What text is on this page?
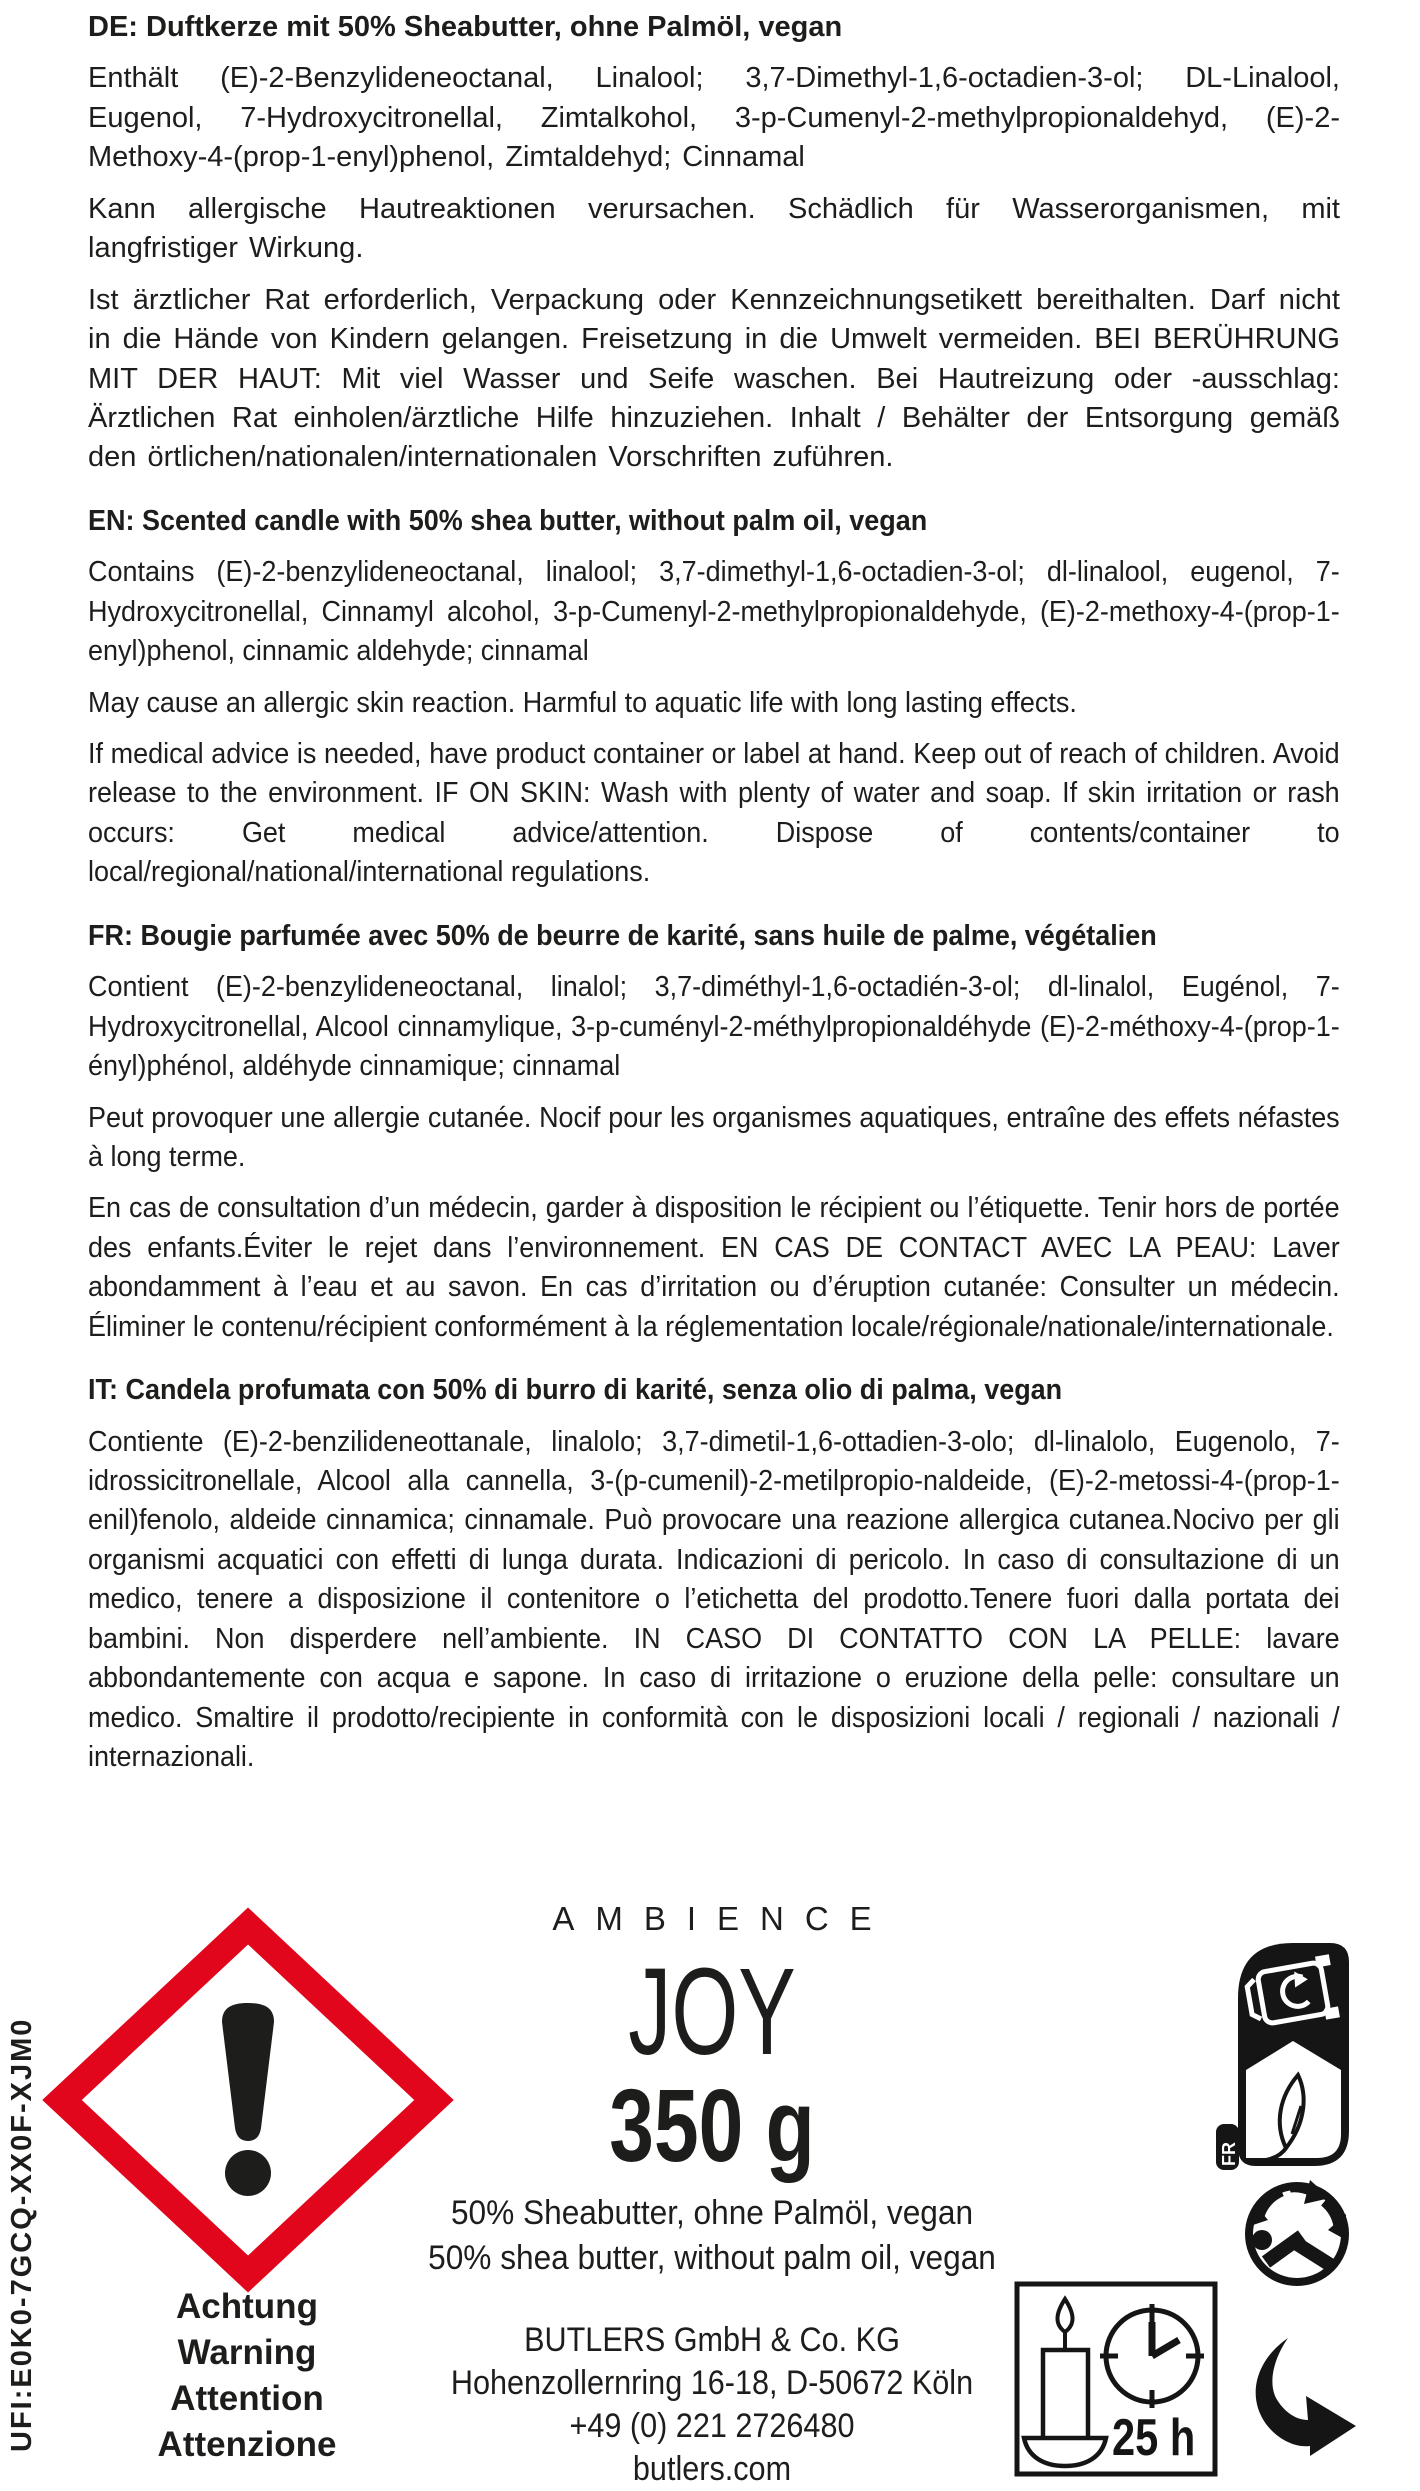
DE: Duftkerze mit 50% Sheabutter, ohne Palmöl, vegan

Enthält (E)-2-Benzylideneoctanal, Linalool; 3,7-Dimethyl-1,6-octadien-3-ol; DL-Linalool, Eugenol, 7-Hydroxycitronellal, Zimtalkohol, 3-p-Cumenyl-2-methylpropionaldehyd, (E)-2-Methoxy-4-(prop-1-enyl)phenol, Zimtaldehyd; Cinnamal

Kann allergische Hautreaktionen verursachen. Schädlich für Wasserorganismen, mit langfristiger Wirkung.

Ist ärztlicher Rat erforderlich, Verpackung oder Kennzeichnungsetikett bereithalten. Darf nicht in die Hände von Kindern gelangen. Freisetzung in die Umwelt vermeiden. BEI BERÜHRUNG MIT DER HAUT: Mit viel Wasser und Seife waschen. Bei Hautreizung oder -ausschlag: Ärztlichen Rat einholen/ärztliche Hilfe hinzuziehen. Inhalt / Behälter der Entsorgung gemäß den örtlichen/nationalen/internationalen Vorschriften zuführen.

EN: Scented candle with 50% shea butter, without palm oil, vegan

Contains (E)-2-benzylideneoctanal, linalool; 3,7-dimethyl-1,6-octadien-3-ol; dl-linalool, eugenol, 7-Hydroxycitronellal, Cinnamyl alcohol, 3-p-Cumenyl-2-methylpropionaldehyde, (E)-2-methoxy-4-(prop-1-enyl)phenol, cinnamic aldehyde; cinnamal

May cause an allergic skin reaction. Harmful to aquatic life with long lasting effects.

If medical advice is needed, have product container or label at hand. Keep out of reach of children. Avoid release to the environment. IF ON SKIN: Wash with plenty of water and soap. If skin irritation or rash occurs: Get medical advice/attention. Dispose of contents/container to local/regional/national/international regulations.

FR: Bougie parfumée avec 50% de beurre de karité, sans huile de palme, végétalien

Contient (E)-2-benzylideneoctanal, linalol; 3,7-diméthyl-1,6-octadién-3-ol; dl-linalol, Eugénol, 7-Hydroxycitronellal, Alcool cinnamylique, 3-p-cuményl-2-méthylpropionaldéhyde (E)-2-méthoxy-4-(prop-1-ényl)phénol, aldéhyde cinnamique; cinnamal

Peut provoquer une allergie cutanée. Nocif pour les organismes aquatiques, entraîne des effets néfastes à long terme.

En cas de consultation d’un médecin, garder à disposition le récipient ou l’étiquette. Tenir hors de portée des enfants.Éviter le rejet dans l’environnement. EN CAS DE CONTACT AVEC LA PEAU: Laver abondamment à l’eau et au savon. En cas d’irritation ou d’éruption cutanée: Consulter un médecin. Éliminer le contenu/récipient conformément à la réglementation locale/régionale/nationale/internationale.

IT: Candela profumata con 50% di burro di karité, senza olio di palma, vegan

Contiente (E)-2-benzilideneottanale, linalolo; 3,7-dimetil-1,6-ottadien-3-olo; dl-linalolo, Eugenolo, 7-idrossicitronellale, Alcool alla cannella, 3-(p-cumenil)-2-metilpropio-naldeide, (E)-2-metossi-4-(prop-1-enil)fenolo, aldeide cinnamica; cinnamale. Può provocare una reazione allergica cutanea.Nocivo per gli organismi acquatici con effetti di lunga durata. Indicazioni di pericolo. In caso di consultazione di un medico, tenere a disposizione il contenitore o l’etichetta del prodotto.Tenere fuori dalla portata dei bambini. Non disperdere nell’ambiente. IN CASO DI CONTATTO CON LA PELLE: lavare abbondantemente con acqua e sapone. In caso di irritazione o eruzione della pelle: consultare un medico. Smaltire il prodotto/recipiente in conformità con le disposizioni locali / regionali / nazionali / internazionali.

UFI:E0K0-7GCQ-XX0F-XJM0	Achtung
Warning
Attention
Attenzione
AMBIENCE
JOY
350 g
50% Sheabutter, ohne Palmöl, vegan
50% shea butter, without palm oil, vegan
BUTLERS GmbH & Co. KG
Hohenzollernring 16-18, D-50672 Köln
+49 (0) 221 2726480
butlers.com
FR
25 h
